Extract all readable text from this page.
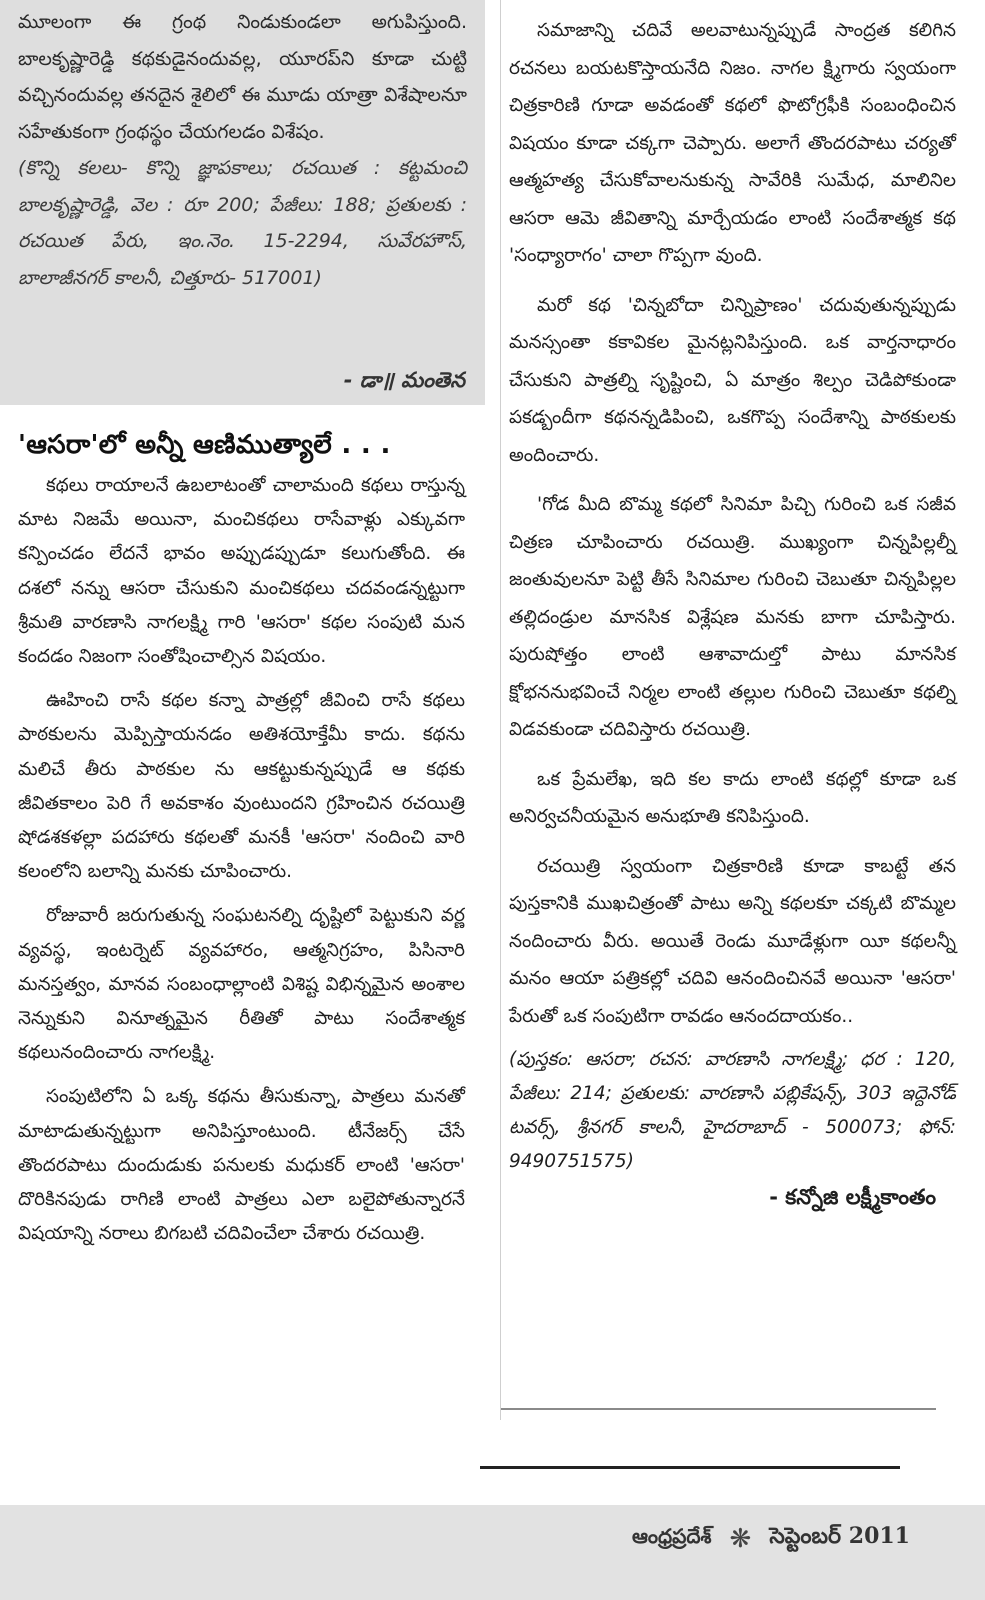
మూలంగా ఈ గ్రంథ నిండుకుండలా అగుపిస్తుంది. బాలకృష్ణారెడ్డి కథకుడైనందువల్ల, యూరప్‌ని కూడా చుట్టి వచ్చినందువల్ల తనదైన శైలిలో ఈ మూడు యాత్రా విశేషాలనూ సహేతుకంగా గ్రంథస్థం చేయగలడం విశేషం.

(కొన్ని కలలు- కొన్ని జ్ఞాపకాలు; రచయిత : కట్టమంచి బాలకృష్ణారెడ్డి, వెల : రూ 200; పేజీలు: 188; ప్రతులకు : రచయిత పేరు, ఇం.నెం. 15-2294, సువేరహౌస్, బాలాజీనగర్ కాలనీ, చిత్తూరు- 517001)

- డా॥ మంతెన
'ఆసరా'లో అన్నీ ఆణిముత్యాలే . . .

కథలు రాయాలనే ఉబలాటంతో చాలామంది కథలు రాస్తున్న మాట నిజమే అయినా, మంచికథలు రాసేవాళ్లు ఎక్కువగా కన్పించడం లేదనే భావం అప్పుడప్పుడూ కలుగుతోంది. ఈ దశలో నన్ను ఆసరా చేసుకుని మంచికథలు చదవండన్నట్టుగా శ్రీమతి వారణాసి నాగలక్ష్మి గారి 'ఆసరా' కథల సంపుటి మన కందడం నిజంగా సంతోషించాల్సిన విషయం.

ఊహించి రాసే కథల కన్నా పాత్రల్లో జీవించి రాసే కథలు పాఠకులను మెప్పిస్తాయనడం అతిశయోక్తేమీ కాదు. కథను మలిచే తీరు పాఠకుల ను ఆకట్టుకున్నప్పుడే ఆ కథకు జీవితకాలం పెరి గే అవకాశం వుంటుందని గ్రహించిన రచయిత్రి షోడశకళల్లా పదహారు కథలతో మనకీ 'ఆసరా' నందించి వారి కలంలోని బలాన్ని మనకు చూపించారు.

రోజువారీ జరుగుతున్న సంఘటనల్ని దృష్టిలో పెట్టుకుని వర్ణ వ్యవస్థ, ఇంటర్నెట్ వ్యవహారం, ఆత్మనిగ్రహం, పిసినారి మనస్తత్వం, మానవ సంబంధాల్లాంటి విశిష్ట విభిన్నమైన అంశాల నెన్నుకుని వినూత్నమైన రీతితో పాటు సందేశాత్మక కథలునందించారు నాగలక్ష్మి.

సంపుటిలోని ఏ ఒక్క కథను తీసుకున్నా, పాత్రలు మనతో మాటాడుతున్నట్టుగా అనిపిస్తూంటుంది. టీనేజర్స్ చేసే తొందరపాటు దుందుడుకు పనులకు మధుకర్ లాంటి 'ఆసరా' దొరికినపుడు రాగిణి లాంటి పాత్రలు ఎలా బలైపోతున్నారనే విషయాన్ని నరాలు బిగబటి చదివించేలా చేశారు రచయిత్రి.

సమాజాన్ని చదివే అలవాటున్నప్పుడే సాంద్రత కలిగిన రచనలు బయటకొస్తాయనేది నిజం. నాగల క్ష్మిగారు స్వయంగా చిత్రకారిణి గూడా అవడంతో కథలో ఫొటోగ్రఫీకి సంబంధించిన విషయం కూడా చక్కగా చెప్పారు. అలాగే తొందరపాటు చర్యతో ఆత్మహత్య చేసుకోవాలనుకున్న సావేరికి సుమేధ, మాలినిల ఆసరా ఆమె జీవితాన్ని మార్చేయడం లాంటి సందేశాత్మక కథ 'సంధ్యారాగం' చాలా గొప్పగా వుంది.

మరో కథ 'చిన్నబోదా చిన్నిప్రాణం' చదువుతున్నప్పుడు మనస్సంతా కకావికల మైనట్లనిపిస్తుంది. ఒక వార్తనాధారం చేసుకుని పాత్రల్ని సృష్టించి, ఏ మాత్రం శిల్పం చెడిపోకుండా పకడ్బందీగా కథనన్నడిపించి, ఒకగొప్ప సందేశాన్ని పాఠకులకు అందించారు.

'గోడ మీది బొమ్మ కథలో సినిమా పిచ్చి గురించి ఒక సజీవ చిత్రణ చూపించారు రచయిత్రి. ముఖ్యంగా చిన్నపిల్లల్నీ జంతువులనూ పెట్టి తీసే సినిమాల గురించి చెబుతూ చిన్నపిల్లల తల్లిదండ్రుల మానసిక విశ్లేషణ మనకు బాగా చూపిస్తారు. పురుషోత్తం లాంటి ఆశావాదుల్తో పాటు మానసిక క్షోభననుభవించే నిర్మల లాంటి తల్లుల గురించి చెబుతూ కథల్ని విడవకుండా చదివిస్తారు రచయిత్రి.

ఒక ప్రేమలేఖ, ఇది కల కాదు లాంటి కథల్లో కూడా ఒక అనిర్వచనీయమైన అనుభూతి కనిపిస్తుంది.

రచయిత్రి స్వయంగా చిత్రకారిణి కూడా కాబట్టే తన పుస్తకానికి ముఖచిత్రంతో పాటు అన్ని కథలకూ చక్కటి బొమ్మల నందించారు వీరు. అయితే రెండు మూడేళ్లుగా యీ కథలన్నీ మనం ఆయా పత్రికల్లో చదివి ఆనందించినవే అయినా 'ఆసరా' పేరుతో ఒక సంపుటిగా రావడం ఆనందదాయకం..

(పుస్తకం: ఆసరా; రచన: వారణాసి నాగలక్ష్మి; ధర : 120, పేజీలు: 214; ప్రతులకు: వారణాసి పబ్లికేషన్స్, 303 ఇద్దెనోడ్ టవర్స్, శ్రీనగర్ కాలనీ, హైదరాబాద్ - 500073; ఫోన్: 9490751575)

- కన్నోజి లక్ష్మీకాంతం
ఆంధ్రప్రదేశ్ ❋ సెప్టెంబర్ 2011
